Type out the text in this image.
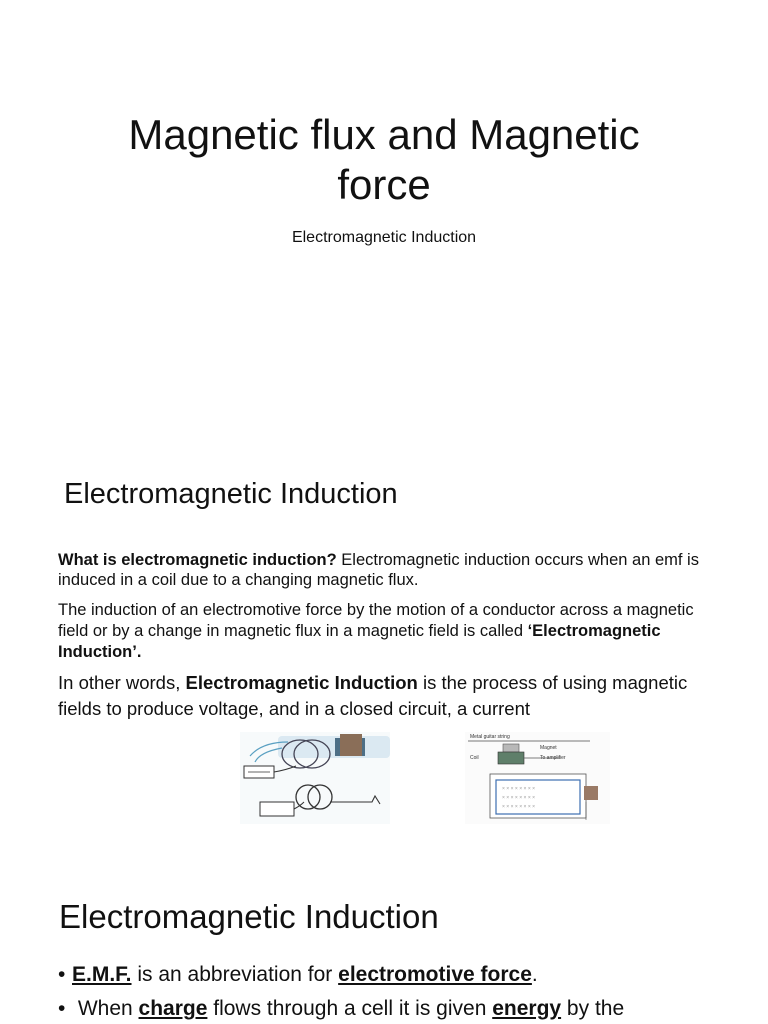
Magnetic flux and Magnetic
force

Electromagnetic Induction

Electromagnetic Induction

What is electromagnetic induction? Electromagnetic induction occurs when an emf is induced in a coil due to a changing magnetic flux.

The induction of an electromotive force by the motion of a conductor across a magnetic field or by a change in magnetic flux in a magnetic field is called ‘Electromagnetic Induction’.

In other words, Electromagnetic Induction is the process of using magnetic fields to produce voltage, and in a closed circuit, a current

Metal guitar string
Magnet
Coil	To amplifier
× × × × × × × ×
× × × × × × × ×
× × × × × × × ×
Electromagnetic Induction
• E.M.F. is an abbreviation for electromotive force.
• When charge flows through a cell it is given energy by the
